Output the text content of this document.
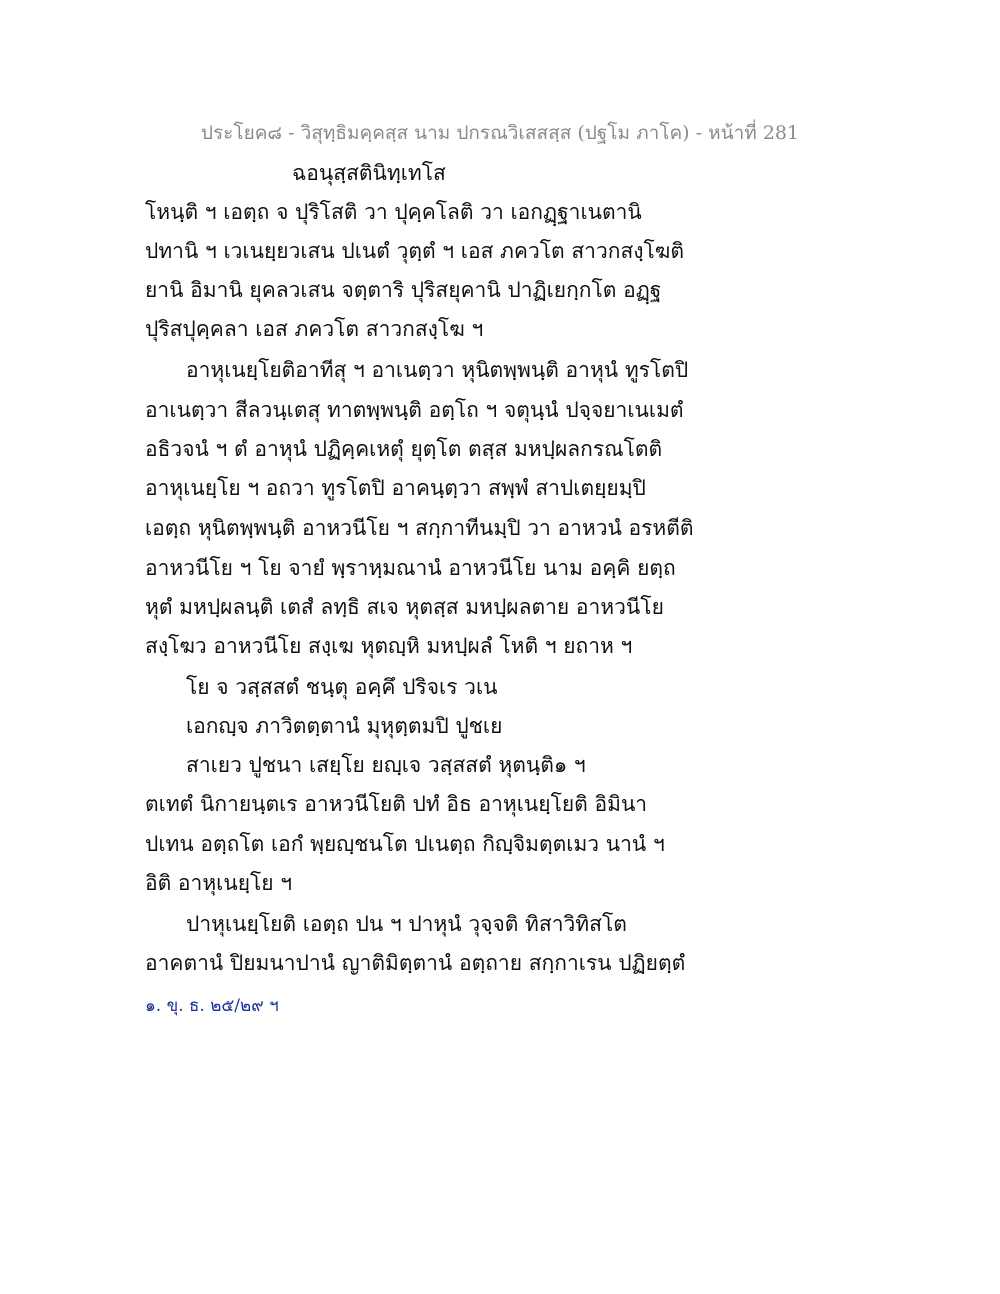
ประโยค๘ - วิสุทฺธิมคฺคสฺส นาม ปกรณวิเสสสฺส (ปฐโม ภาโค) - หน้าที่ 281
ฉอนุสฺสตินิทฺเทโส
โหนฺติ ฯ เอตฺถ จ ปุริโสติ วา ปุคฺคโลติ วา เอกฏฺฐาเนตานิ
ปทานิ ฯ เวเนยฺยวเสน ปเนตํ วุตฺตํ ฯ เอส ภควโต สาวกสงฺโฆติ
ยานิ อิมานิ ยุคลวเสน จตฺตาริ ปุริสยุคานิ ปาฏิเยกฺกโต อฏฺฐ
ปุริสปุคฺคลา เอส ภควโต สาวกสงฺโฆ ฯ
อาหุเนยฺโยติอาทีสุ ฯ อาเนตฺวา หุนิตพฺพนฺติ อาหุนํ ทูรโตปิ
อาเนตฺวา สีลวนฺเตสุ ทาตพฺพนฺติ อตฺโถ ฯ จตุนฺนํ ปจฺจยาเนเมตํ
อธิวจนํ ฯ ตํ อาหุนํ ปฏิคฺคเหตุํ ยุตฺโต ตสฺส มหปฺผลกรณโตติ
อาหุเนยฺโย ฯ อถวา ทูรโตปิ อาคนฺตฺวา สพฺพํ สาปเตยฺยมฺปิ
เอตฺถ หุนิตพฺพนฺติ อาหวนีโย ฯ สกฺกาทีนมฺปิ วา อาหวนํ อรหตีติ
อาหวนีโย ฯ โย จายํ พฺราหฺมณานํ อาหวนีโย นาม อคฺคิ ยตฺถ
หุตํ มหปฺผลนฺติ เตสํ ลทฺธิ สเจ หุตสฺส มหปฺผลตาย อาหวนีโย
สงฺโฆว อาหวนีโย สงฺเฆ หุตญฺหิ มหปฺผลํ โหติ ฯ ยถาห ฯ
โย จ วสฺสสตํ ชนฺตุ อคฺคึ ปริจเร วเน
เอกญฺจ ภาวิตตฺตานํ มุหุตฺตมปิ ปูชเย
สาเยว ปูชนา เสยฺโย ยญฺเจ วสฺสสตํ หุตนฺติ๑ ฯ
ตเทตํ นิกายนฺตเร อาหวนีโยติ ปทํ อิธ อาหุเนยฺโยติ อิมินา
ปเทน อตฺถโต เอกํ พฺยญฺชนโต ปเนตฺถ กิญฺจิมตฺตเมว นานํ ฯ
อิติ อาหุเนยฺโย ฯ
ปาหุเนยฺโยติ เอตฺถ ปน ฯ ปาหุนํ วุจฺจติ ทิสาวิทิสโต
อาคตานํ ปิยมนาปานํ ญาติมิตฺตานํ อตฺถาย สกฺกาเรน ปฏิยตฺตํ
๑. ขุ. ธ. ๒๕/๒๙ ฯ
